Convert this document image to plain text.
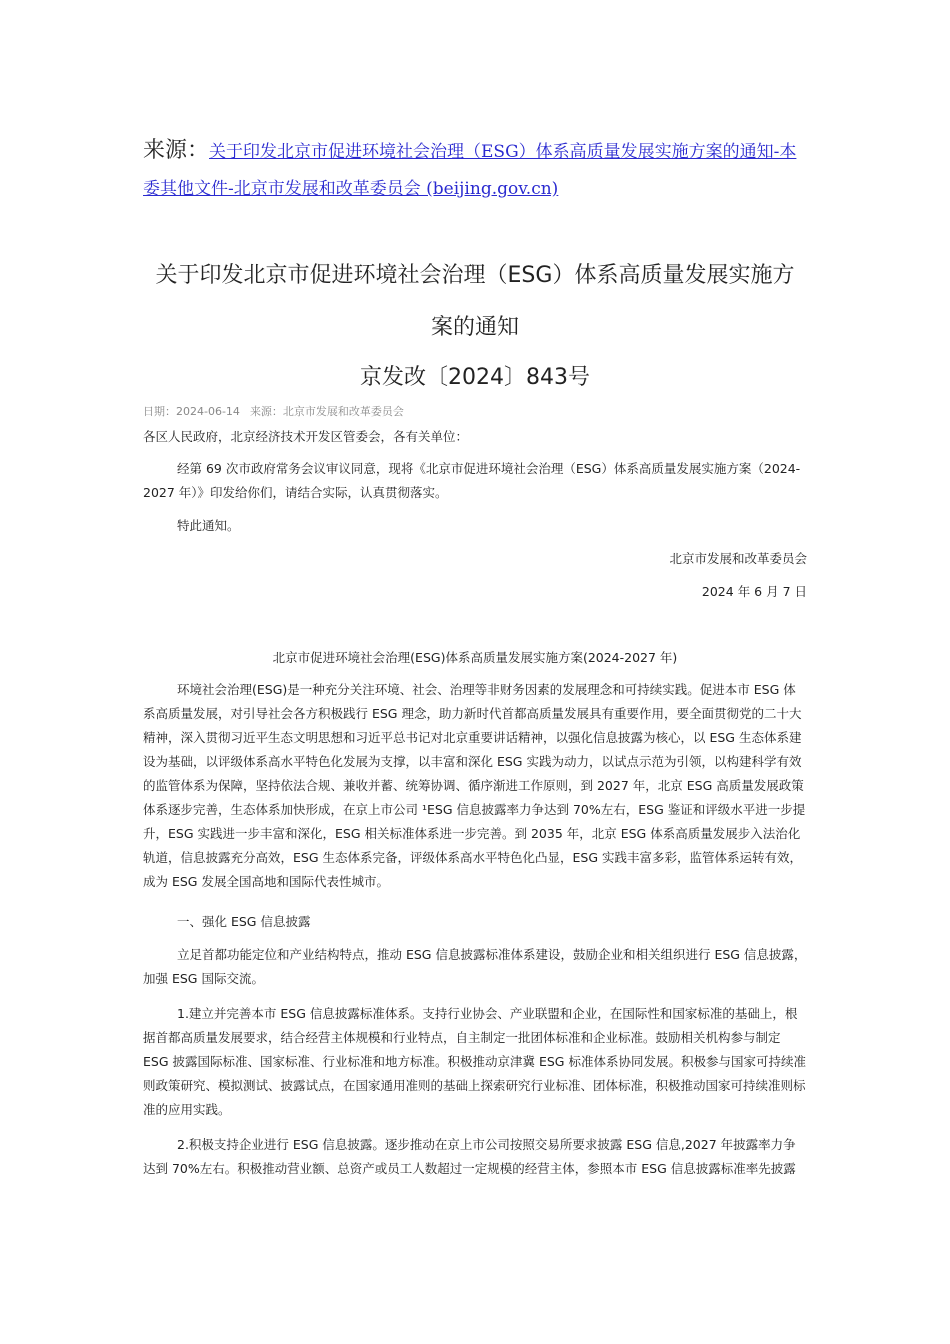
来源：关于印发北京市促进环境社会治理（ESG）体系高质量发展实施方案的通知-本委其他文件-北京市发展和改革委员会 (beijing.gov.cn)
关于印发北京市促进环境社会治理（ESG）体系高质量发展实施方
案的通知
京发改〔2024〕843号
日期：2024-06-14 来源：北京市发展和改革委员会
各区人民政府，北京经济技术开发区管委会，各有关单位：
经第 69 次市政府常务会议审议同意，现将《北京市促进环境社会治理（ESG）体系高质量发展实施方案（2024-2027 年）》印发给你们，请结合实际，认真贯彻落实。
特此通知。
北京市发展和改革委员会
2024 年 6 月 7 日
北京市促进环境社会治理(ESG)体系高质量发展实施方案(2024-2027 年)
环境社会治理(ESG)是一种充分关注环境、社会、治理等非财务因素的发展理念和可持续实践。促进本市 ESG 体系高质量发展，对引导社会各方积极践行 ESG 理念，助力新时代首都高质量发展具有重要作用，要全面贯彻党的二十大精神，深入贯彻习近平生态文明思想和习近平总书记对北京重要讲话精神，以强化信息披露为核心，以 ESG 生态体系建设为基础，以评级体系高水平特色化发展为支撑，以丰富和深化 ESG 实践为动力，以试点示范为引领，以构建科学有效的监管体系为保障，坚持依法合规、兼收并蓄、统筹协调、循序渐进工作原则，到 2027 年，北京 ESG 高质量发展政策体系逐步完善，生态体系加快形成，在京上市公司 ¹ESG 信息披露率力争达到 70%左右，ESG 鉴证和评级水平进一步提升，ESG 实践进一步丰富和深化，ESG 相关标准体系进一步完善。到 2035 年，北京 ESG 体系高质量发展步入法治化轨道，信息披露充分高效，ESG 生态体系完备，评级体系高水平特色化凸显，ESG 实践丰富多彩，监管体系运转有效，成为 ESG 发展全国高地和国际代表性城市。
一、强化 ESG 信息披露
立足首都功能定位和产业结构特点，推动 ESG 信息披露标准体系建设，鼓励企业和相关组织进行 ESG 信息披露，加强 ESG 国际交流。
1.建立并完善本市 ESG 信息披露标准体系。支持行业协会、产业联盟和企业，在国际性和国家标准的基础上，根据首都高质量发展要求，结合经营主体规模和行业特点，自主制定一批团体标准和企业标准。鼓励相关机构参与制定 ESG 披露国际标准、国家标准、行业标准和地方标准。积极推动京津冀 ESG 标准体系协同发展。积极参与国家可持续准则政策研究、模拟测试、披露试点，在国家通用准则的基础上探索研究行业标准、团体标准，积极推动国家可持续准则标准的应用实践。
2.积极支持企业进行 ESG 信息披露。逐步推动在京上市公司按照交易所要求披露 ESG 信息,2027 年披露率力争达到 70%左右。积极推动营业额、总资产或员工人数超过一定规模的经营主体，参照本市 ESG 信息披露标准率先披露
